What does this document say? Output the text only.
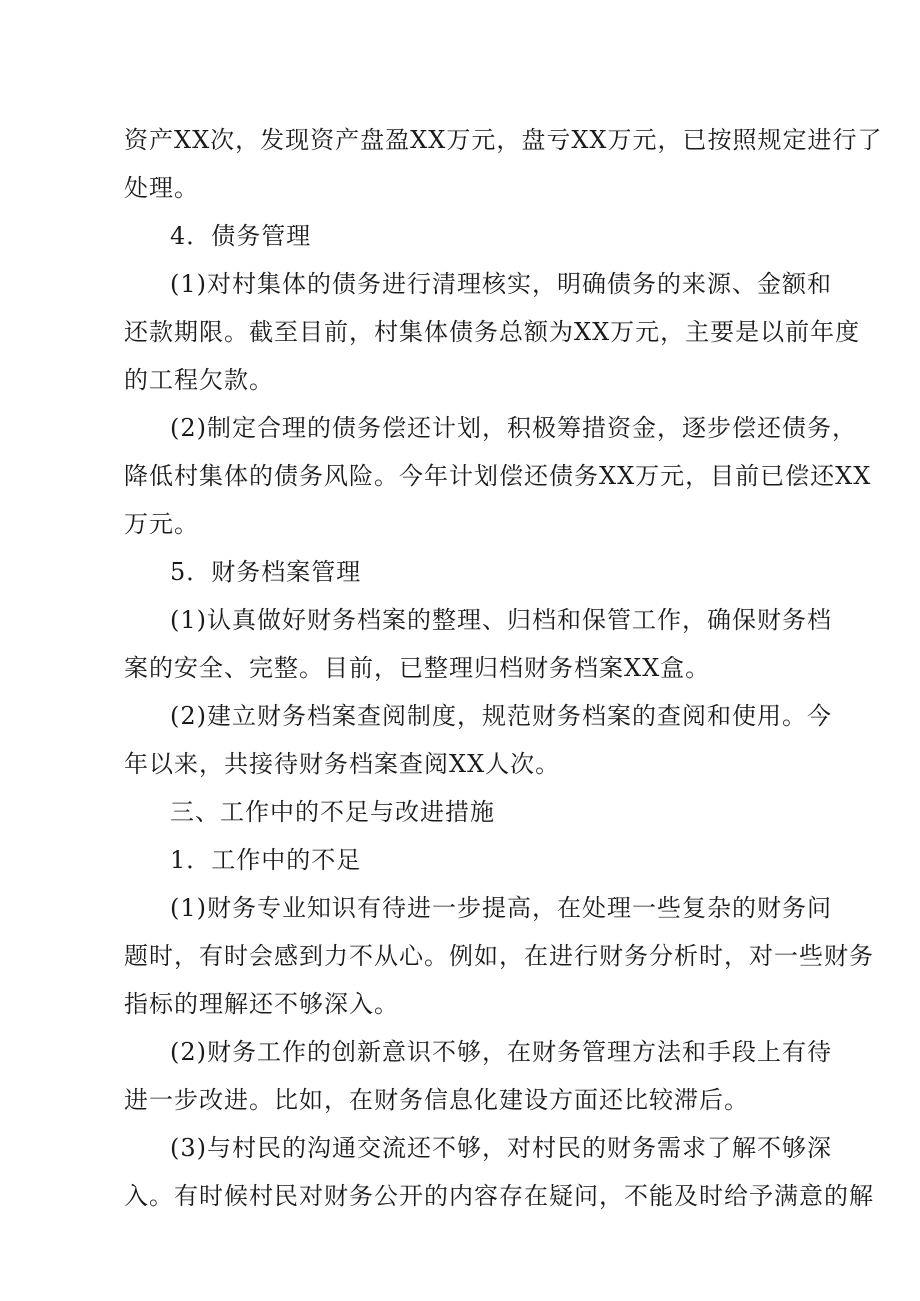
资产XX次，发现资产盘盈XX万元，盘亏XX万元，已按照规定进行了
处理。
4．债务管理
(1)对村集体的债务进行清理核实，明确债务的来源、金额和
还款期限。截至目前，村集体债务总额为XX万元，主要是以前年度
的工程欠款。
(2)制定合理的债务偿还计划，积极筹措资金，逐步偿还债务，
降低村集体的债务风险。今年计划偿还债务XX万元，目前已偿还XX
万元。
5．财务档案管理
(1)认真做好财务档案的整理、归档和保管工作，确保财务档
案的安全、完整。目前，已整理归档财务档案XX盒。
(2)建立财务档案查阅制度，规范财务档案的查阅和使用。今
年以来，共接待财务档案查阅XX人次。
三、工作中的不足与改进措施
1．工作中的不足
(1)财务专业知识有待进一步提高，在处理一些复杂的财务问
题时，有时会感到力不从心。例如，在进行财务分析时，对一些财务
指标的理解还不够深入。
(2)财务工作的创新意识不够，在财务管理方法和手段上有待
进一步改进。比如，在财务信息化建设方面还比较滞后。
(3)与村民的沟通交流还不够，对村民的财务需求了解不够深
入。有时候村民对财务公开的内容存在疑问，不能及时给予满意的解
